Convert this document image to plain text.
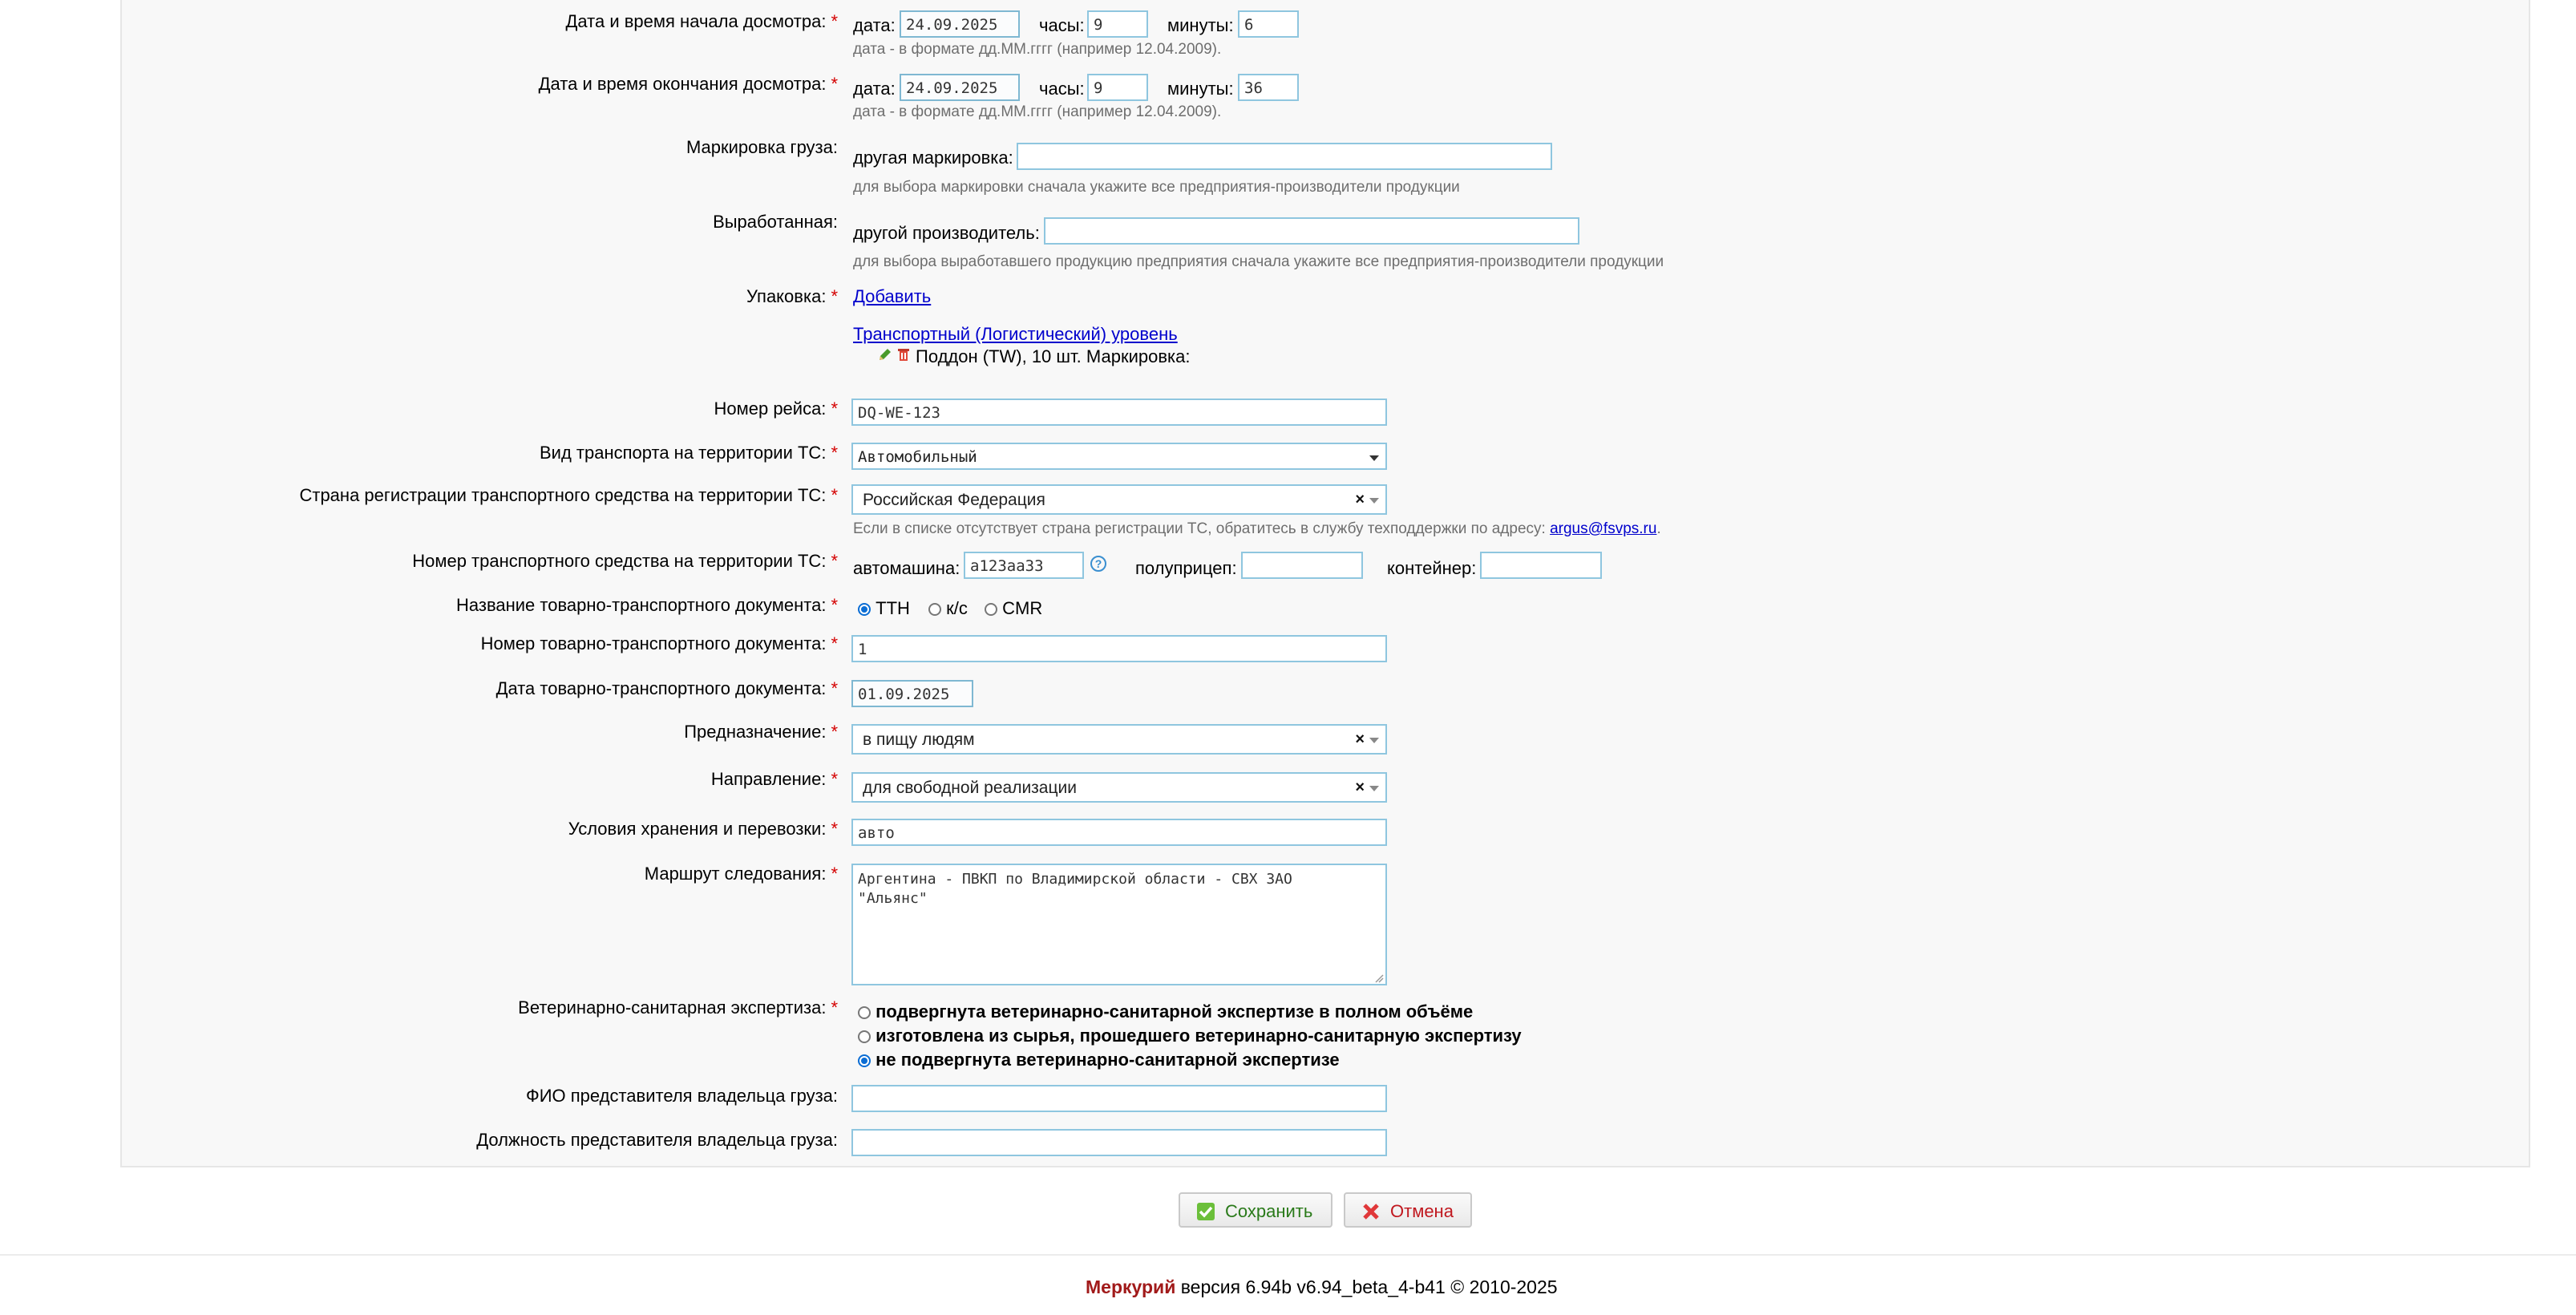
Дата и время начала досмотра: * дата: 24.09.2025	часы: 9	минуты: 6
дата - в формате дд.ММ.гггг (например 12.04.2009).
Дата и время окончания досмотра: * дата: 24.09.2025	часы: 9	минуты: 36
дата - в формате дд.ММ.гггг (например 12.04.2009).
Маркировка груза:
другая маркировка:
для выбора маркировки сначала укажите все предприятия-производители продукции
Выработанная:
другой производитель:
для выбора выработавшего продукцию предприятия сначала укажите все предприятия-производители продукции
Упаковка: * Добавить
Транспортный (Логистический) уровень
Поддон (TW), 10 шт. Маркировка:
Номер рейса: *	DQ-WE-123
Вид транспорта на территории ТС: *	Автомобильный
Страна регистрации транспортного средства на территории ТС: *	Российская Федерация	×
Если в списке отсутствует страна регистрации ТС, обратитесь в службу техподдержки по адресу: argus@fsvps.ru.
Номер транспортного средства на территории ТС: * автомашина: а123аа33	? полуприцеп:	контейнер:
Название товарно-транспортного документа: *	ТТН	к/с	CMR
Номер товарно-транспортного документа: *	1
Дата товарно-транспортного документа: *	01.09.2025
Предназначение: *	в пищу людям	×
Направление: *	для свободной реализации	×
Условия хранения и перевозки: *	авто
Маршрут следования: *	Аргентина - ПВКП по Владимирской области - СВХ ЗАО
"Альянс"
Ветеринарно-санитарная экспертиза: *	подвергнута ветеринарно-санитарной экспертизе в полном объёме
изготовлена из сырья, прошедшего ветеринарно-санитарную экспертизу
не подвергнута ветеринарно-санитарной экспертизе
ФИО представителя владельца груза:
Должность представителя владельца груза:
Сохранить	Отмена
Меркурий версия 6.94b v6.94_beta_4-b41 © 2010-2025
